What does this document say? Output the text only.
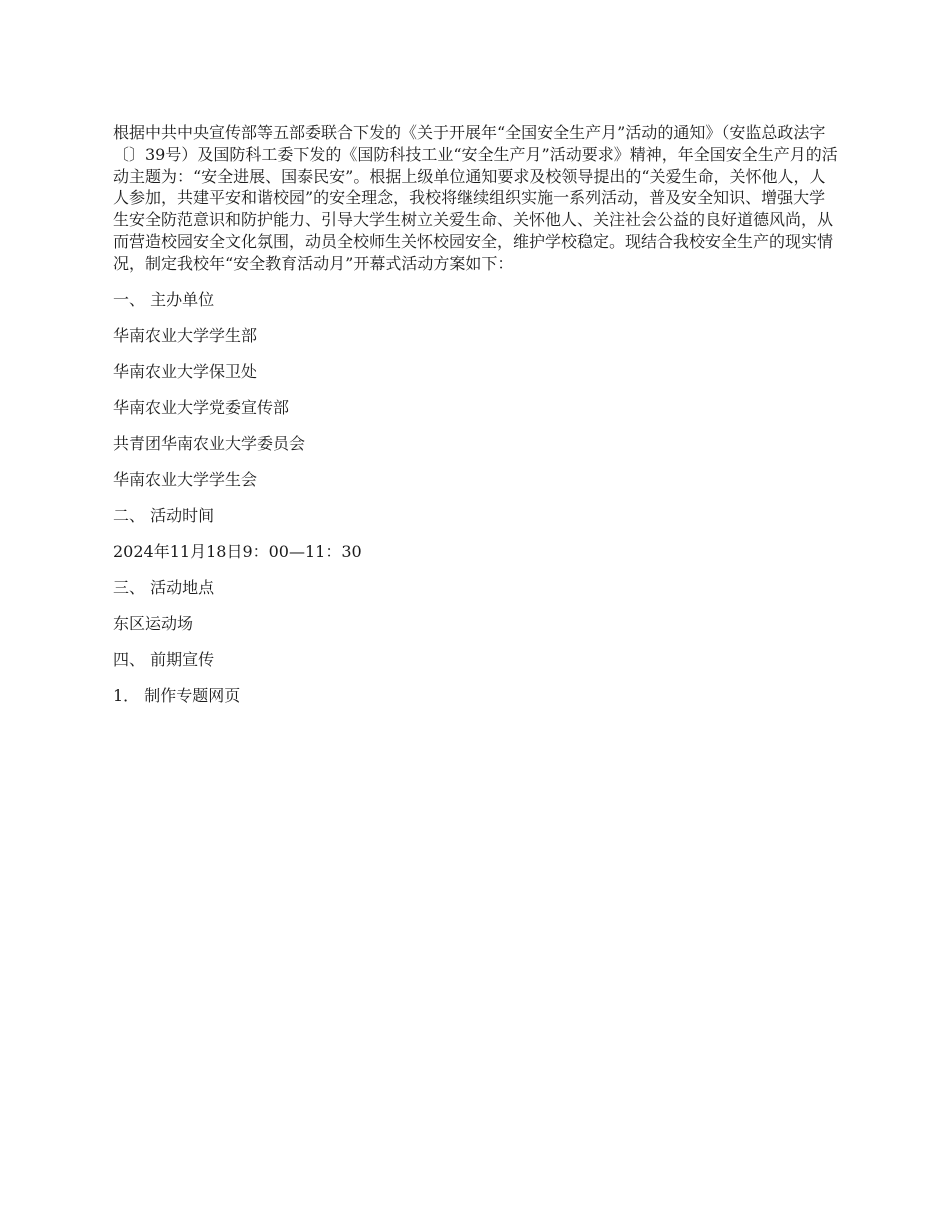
根据中共中央宣传部等五部委联合下发的《关于开展年“全国安全生产月”活动的通知》（安监总政法字〔〕39号）及国防科工委下发的《国防科技工业“安全生产月”活动要求》精神，年全国安全生产月的活动主题为：“安全进展、国泰民安”。根据上级单位通知要求及校领导提出的“关爱生命，关怀他人，人人参加，共建平安和谐校园”的安全理念，我校将继续组织实施一系列活动，普及安全知识、增强大学生安全防范意识和防护能力、引导大学生树立关爱生命、关怀他人、关注社会公益的良好道德风尚，从而营造校园安全文化氛围，动员全校师生关怀校园安全，维护学校稳定。现结合我校安全生产的现实情况，制定我校年“安全教育活动月”开幕式活动方案如下：

一、 主办单位

华南农业大学学生部

华南农业大学保卫处

华南农业大学党委宣传部

共青团华南农业大学委员会

华南农业大学学生会

二、 活动时间

2024年11月18日9：00—11：30

三、 活动地点

东区运动场

四、 前期宣传

1． 制作专题网页
